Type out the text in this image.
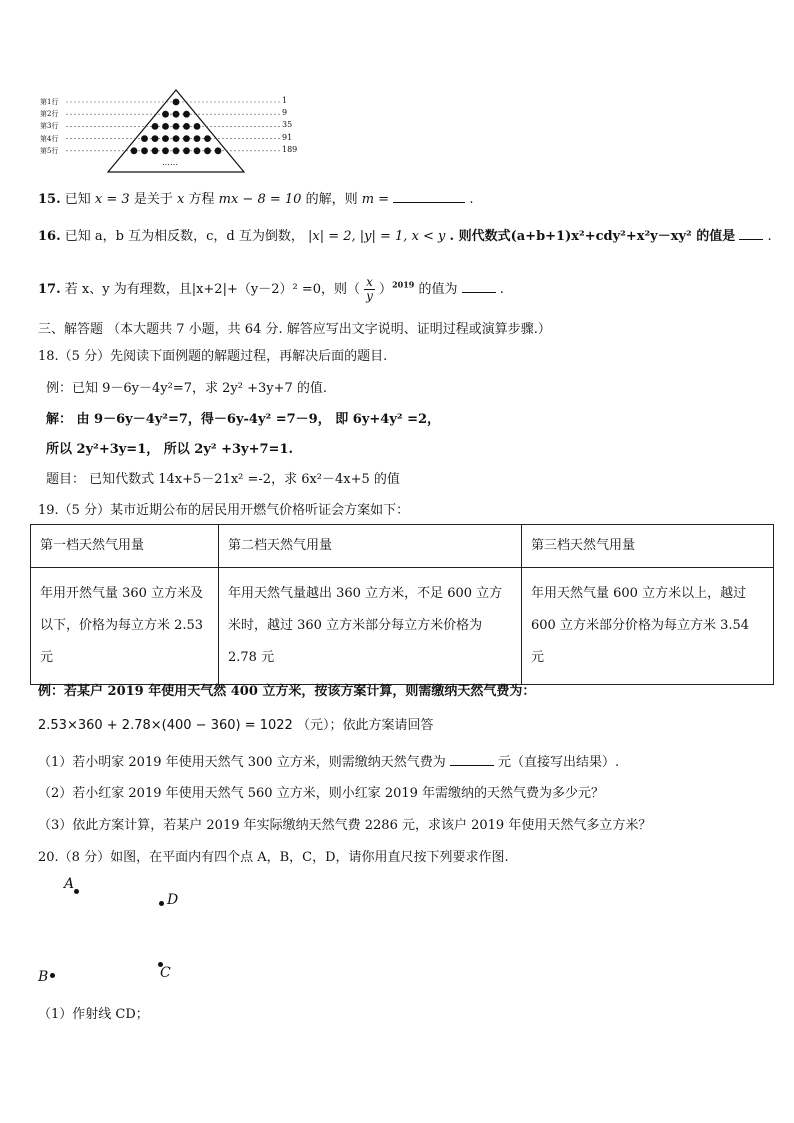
第1行	1
第2行	9
第3行	35
第4行	91
第5行	189
……
15. 已知 x = 3 是关于 x 方程 mx − 8 = 10 的解，则 m =	.
16. 已知 a，b 互为相反数，c，d 互为倒数， |x| = 2, |y| = 1, x < y . 则代数式(a+b+1)x²+cdy²+x²y－xy² 的值是 .
17. 若 x、y 为有理数，且|x+2|+（y－2）² =0，则（ $\frac{x}{y} )^{2019}$ 的值为	.
三、解答题 （本大题共 7 小题，共 64 分. 解答应写出文字说明、证明过程或演算步骤.）
18.（5 分）先阅读下面例题的解题过程，再解决后面的题目.
例：已知 9－6y－4y²=7，求 2y² +3y+7 的值.
解： 由 9－6y－4y²=7，得－6y-4y² =7－9， 即 6y+4y² =2，
所以 2y²+3y=1， 所以 2y² +3y+7=1.
题目： 已知代数式 14x+5－21x² =-2，求 6x²－4x+5 的值
19.（5 分）某市近期公布的居民用开燃气价格听证会方案如下：
第一档天然气用量	第二档天然气用量	第三档天然气用量
年用开然气量 360 立方米及以下，价格为每立方米 2.53 元	年用天然气量越出 360 立方米，不足 600 立方米时，越过 360 立方米部分每立方米价格为 2.78 元	年用天然气量 600 立方米以上，越过 600 立方米部分价格为每立方米 3.54 元
例：若某户 2019 年使用天气然 400 立方米，按该方案计算，则需缴纳天然气费为：
2.53×360 + 2.78×(400 − 360) = 1022 （元）；依此方案请回答
（1）若小明家 2019 年使用天然气 300 立方米，则需缴纳天然气费为	元（直接写出结果）.
（2）若小红家 2019 年使用天然气 560 立方米，则小红家 2019 年需缴纳的天然气费为多少元？
（3）依此方案计算，若某户 2019 年实际缴纳天然气费 2286 元，求该户 2019 年使用天然气多立方米？
20.（8 分）如图，在平面内有四个点 A，B，C，D，请你用直尺按下列要求作图.
A
D
B	C
（1）作射线 CD；
